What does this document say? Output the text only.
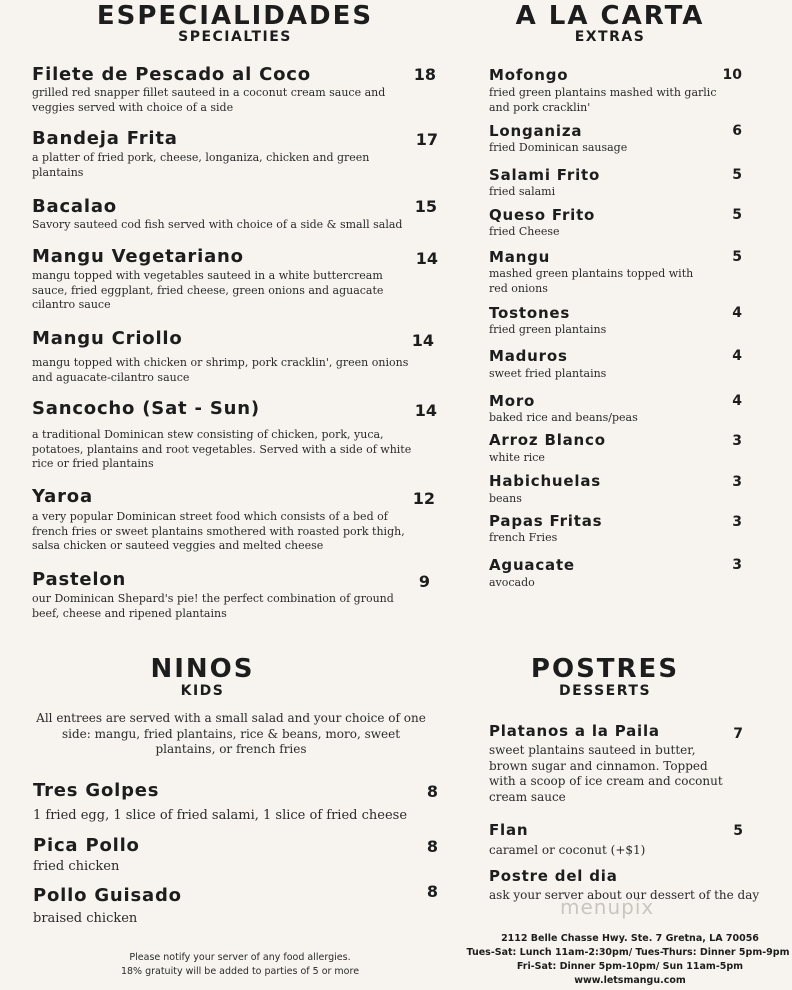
ESPECIALIDADES
SPECIALTIES
Filete de Pescado al Coco	18
grilled red snapper fillet sauteed in a coconut cream sauce and veggies served with choice of a side
Bandeja Frita	17
a platter of fried pork, cheese, longaniza, chicken and green plantains
Bacalao	15
Savory sauteed cod fish served with choice of a side & small salad
Mangu Vegetariano	14
mangu topped with vegetables sauteed in a white buttercream sauce, fried eggplant, fried cheese, green onions and aguacate cilantro sauce
Mangu Criollo	14
mangu topped with chicken or shrimp, pork cracklin', green onions and aguacate-cilantro sauce
Sancocho (Sat - Sun)	14
a traditional Dominican stew consisting of chicken, pork, yuca, potatoes, plantains and root vegetables. Served with a side of white rice or fried plantains
Yaroa	12
a very popular Dominican street food which consists of a bed of french fries or sweet plantains smothered with roasted pork thigh, salsa chicken or sauteed veggies and melted cheese
Pastelon	9
our Dominican Shepard's pie! the perfect combination of ground beef, cheese and ripened plantains
A LA CARTA
EXTRAS
Mofongo	10
fried green plantains mashed with garlic and pork cracklin'
Longaniza	6
fried Dominican sausage
Salami Frito	5
fried salami
Queso Frito	5
fried Cheese
Mangu	5
mashed green plantains topped with red onions
Tostones	4
fried green plantains
Maduros	4
sweet fried plantains
Moro	4
baked rice and beans/peas
Arroz Blanco	3
white rice
Habichuelas	3
beans
Papas Fritas	3
french Fries
Aguacate	3
avocado
NINOS
KIDS
All entrees are served with a small salad and your choice of one side: mangu, fried plantains, rice & beans, moro, sweet plantains, or french fries
Tres Golpes	8
1 fried egg, 1 slice of fried salami, 1 slice of fried cheese
Pica Pollo	8
fried chicken
Pollo Guisado	8
braised chicken
Please notify your server of any food allergies.
18% gratuity will be added to parties of 5 or more
POSTRES
DESSERTS
Platanos a la Paila	7
sweet plantains sauteed in butter, brown sugar and cinnamon. Topped with a scoop of ice cream and coconut cream sauce
Flan	5
caramel or coconut (+$1)
Postre del dia
ask your server about our dessert of the day
menupix
2112 Belle Chasse Hwy. Ste. 7 Gretna, LA 70056
Tues-Sat: Lunch 11am-2:30pm/ Tues-Thurs: Dinner 5pm-9pm
Fri-Sat: Dinner 5pm-10pm/ Sun 11am-5pm
www.letsmangu.com
